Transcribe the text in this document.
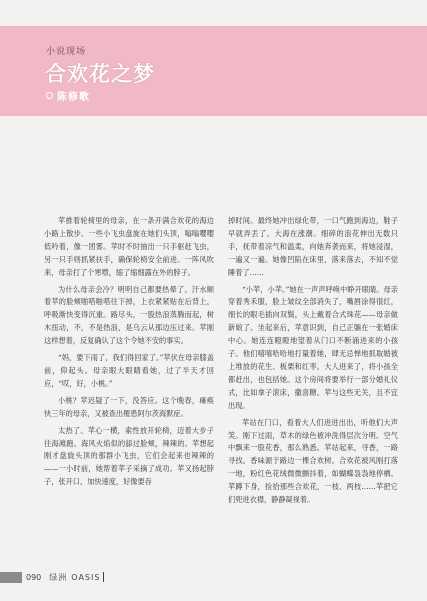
小说现场
合欢花之梦
陈修歌

苹推着轮椅里的母亲，在一条开满合欢花的海边小路上散步。一些小飞虫盘旋在她们头顶，嗡嗡嘤嘤低吟着，像一团雾。苹时不时抽出一只手驱赶飞虫，另一只手则抓紧扶手，确保轮椅安全前进。一阵风吹来，母亲打了个寒噤，缩了缩细露在外的脖子。

为什么母亲会冷？明明自己都要热晕了。汗水顺着苹的脸颊啪嗒啪嗒往下掉，上衣紧紧贴在后背上，呼吸渐快变得沉重。路尽头，一股热浪蒸腾而起，树木扭动，不，不是热浪，是乌云从那边压过来。苹刚这样想着，反复确认了这个令她不安的事实。

“妈，要下雨了，我们得回家了。”苹伏在母亲膝盖前，仰起头。母亲眼大眼睛看她，过了半天才回应，“哎，好，小桃。”

小桃？苹迟疑了一下，没答应。这个晚春，瘫痪快三年的母亲，又被查出罹患阿尔茨海默症。

太热了。苹心一横，索性放开轮椅，迈着大步子往海滩跑。海风火焰似的舔过脸颊，辣辣的。苹想起刚才盘旋头顶的那群小飞虫，它们会起来也辣辣的——一小时前，她帮着苹子采摘了成功。苹又扬起脖子，张开口，加快速度，好像要吞

掉时间。最终她冲出绿化带，一口气跑到海边，鞋子早就弄丢了。大海在涨潮。细碎的浪花伸出无数只手，抚带着凉气和温柔，向她奔袭而来，将她浸湿，一遍又一遍。她像凹陷在床里，落来落去，不知不觉睡着了……

“小苹，小苹。”她在一声声呼唤中睁开眼睛。母亲穿着秀禾服，脸上皱纹全部消失了，嘴唇涂得很红，细长的眼毛插向双鬓，头上戴着合式珠花——母亲做新娘了。坐起来后，苹意识到，自己正躺在一张婚床中心。她连连瞪瞪地望着从门口不断涌进来的小孩子。他们嘻嘻哈哈地打量着她，肆无忌惮地抓取婚被上堆放的花生、板栗和红枣。大人进来了，将小孩全都赶出，也包括她。这个房间将要举行一部分婚礼仪式，比如拿子滚床，撒喜糖。苹与这些无关，且不宜出现。

苹站在门口，看着大人们进进出出，听他们大声笑。刚下过雨，草木的绿色被冲洗得层次分明。空气中飘来一股花香，那么熟悉。苹站起来，寻香，一路寻找。香味源于路边一棵合欢树。合欢花被风刚打落一地，粉红色花绒微微颤抖着，如蝴蝶袅袅地停栖。苹蹲下身，捡拾那些合欢花，一枝、两枝……苹把它们兜进衣襟，静静凝视着。

090 绿洲 OASIS
